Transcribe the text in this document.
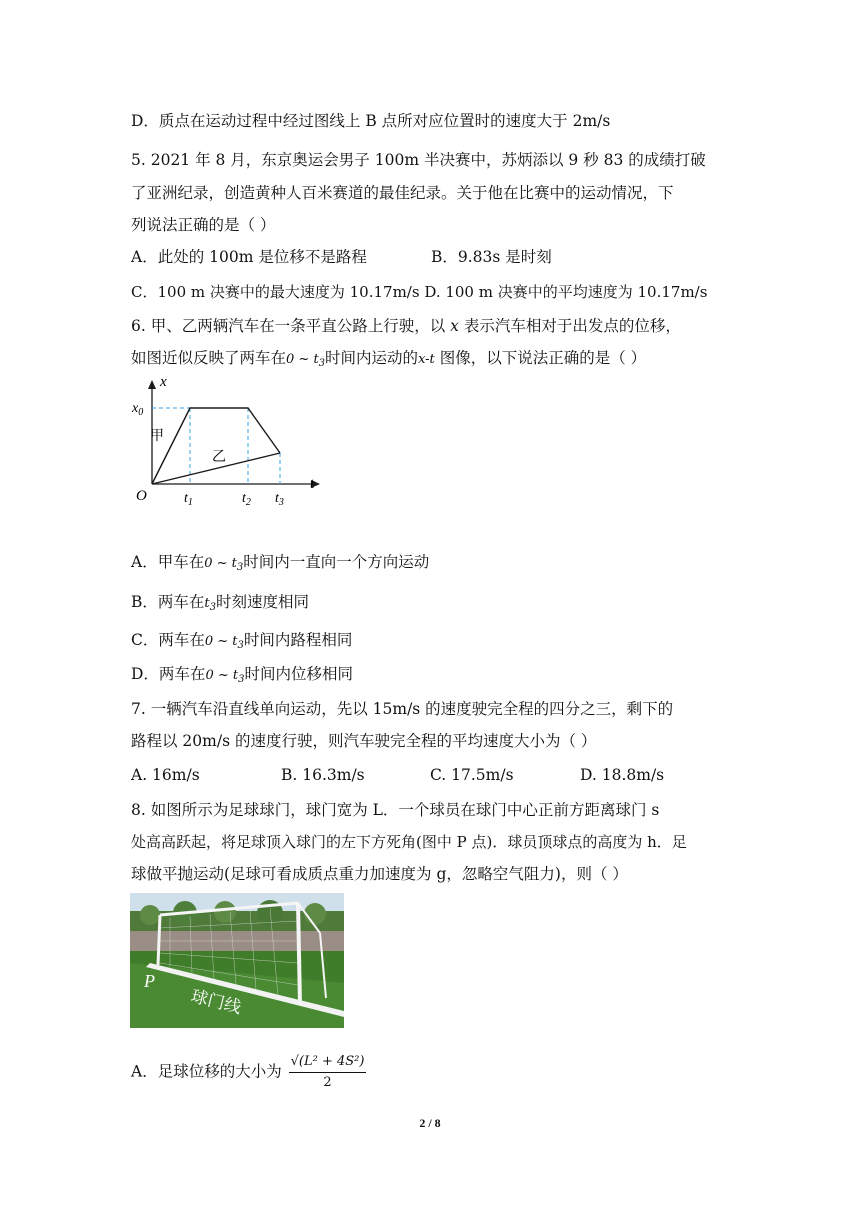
D．质点在运动过程中经过图线上 B 点所对应位置时的速度大于 2m/s
5. 2021 年 8 月，东京奥运会男子 100m 半决赛中，苏炳添以 9 秒 83 的成绩打破
了亚洲纪录，创造黄种人百米赛道的最佳纪录。关于他在比赛中的运动情况，下
列说法正确的是（ ）
A．此处的 100m 是位移不是路程	B．9.83s 是时刻
C．100 m 决赛中的最大速度为 10.17m/s D. 100 m 决赛中的平均速度为 10.17m/s
6. 甲、乙两辆汽车在一条平直公路上行驶，以 x 表示汽车相对于出发点的位移，
如图近似反映了两车在0 ~ $t_3$时间内运动的x-t 图像，以下说法正确的是（ ）
x
t
O
$x_0$
$t_1$	$t_2$ $t_3$
甲
乙
A．甲车在0 ~ $t_3$时间内一直向一个方向运动
B．两车在$t_3$时刻速度相同
C．两车在0 ~ $t_3$时间内路程相同
D．两车在0 ~ $t_3$时间内位移相同
7. 一辆汽车沿直线单向运动，先以 15m/s 的速度驶完全程的四分之三，剩下的
路程以 20m/s 的速度行驶，则汽车驶完全程的平均速度大小为（ ）
A. 16m/s	B. 16.3m/s	C. 17.5m/s	D. 18.8m/s
8. 如图所示为足球球门，球门宽为 L．一个球员在球门中心正前方距离球门 s
处高高跃起，将足球顶入球门的左下方死角(图中 P 点)．球员顶球点的高度为 h．足
球做平抛运动(足球可看成质点重力加速度为 g，忽略空气阻力)，则（ ）
P
球门线
A．足球位移的大小为 $\frac{\text{√(L² + 4S²)}}{2}$
2 / 8
